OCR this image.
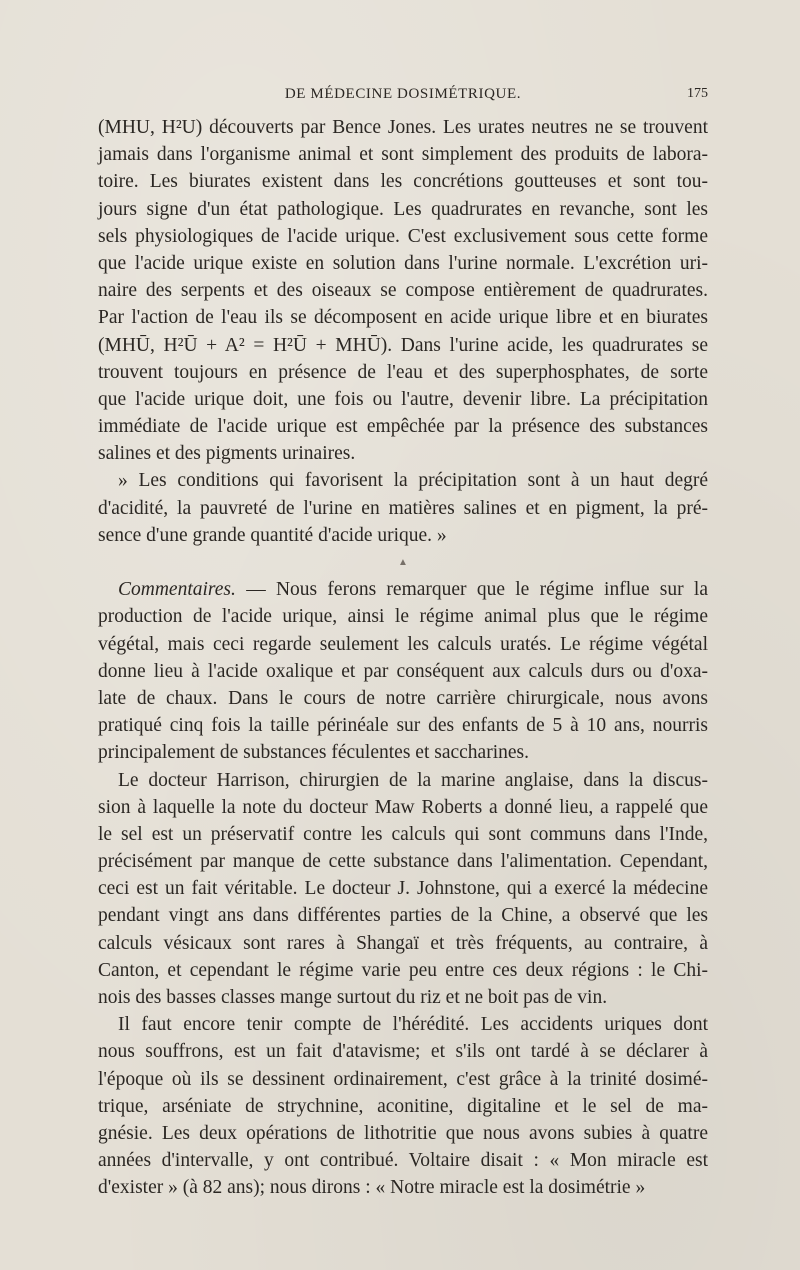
DE MÉDECINE DOSIMÉTRIQUE.	175
(MHU, H²U) découverts par Bence Jones. Les urates neutres ne se trouvent
jamais dans l'organisme animal et sont simplement des produits de labora-
toire. Les biurates existent dans les concrétions goutteuses et sont tou-
jours signe d'un état pathologique. Les quadrurates en revanche, sont les
sels physiologiques de l'acide urique. C'est exclusivement sous cette forme
que l'acide urique existe en solution dans l'urine normale. L'excrétion uri-
naire des serpents et des oiseaux se compose entièrement de quadrurates.
Par l'action de l'eau ils se décomposent en acide urique libre et en biurates
(MHŪ, H²Ū + A² = H²Ū + MHŪ). Dans l'urine acide, les quadrurates se
trouvent toujours en présence de l'eau et des superphosphates, de sorte
que l'acide urique doit, une fois ou l'autre, devenir libre. La précipitation
immédiate de l'acide urique est empêchée par la présence des substances
salines et des pigments urinaires.
» Les conditions qui favorisent la précipitation sont à un haut degré
d'acidité, la pauvreté de l'urine en matières salines et en pigment, la pré-
sence d'une grande quantité d'acide urique. »
▲
Commentaires. — Nous ferons remarquer que le régime influe sur la
production de l'acide urique, ainsi le régime animal plus que le régime
végétal, mais ceci regarde seulement les calculs uratés. Le régime végétal
donne lieu à l'acide oxalique et par conséquent aux calculs durs ou d'oxa-
late de chaux. Dans le cours de notre carrière chirurgicale, nous avons
pratiqué cinq fois la taille périnéale sur des enfants de 5 à 10 ans, nourris
principalement de substances féculentes et saccharines.
Le docteur Harrison, chirurgien de la marine anglaise, dans la discus-
sion à laquelle la note du docteur Maw Roberts a donné lieu, a rappelé que
le sel est un préservatif contre les calculs qui sont communs dans l'Inde,
précisément par manque de cette substance dans l'alimentation. Cependant,
ceci est un fait véritable. Le docteur J. Johnstone, qui a exercé la médecine
pendant vingt ans dans différentes parties de la Chine, a observé que les
calculs vésicaux sont rares à Shangaï et très fréquents, au contraire, à
Canton, et cependant le régime varie peu entre ces deux régions : le Chi-
nois des basses classes mange surtout du riz et ne boit pas de vin.
Il faut encore tenir compte de l'hérédité. Les accidents uriques dont
nous souffrons, est un fait d'atavisme; et s'ils ont tardé à se déclarer à
l'époque où ils se dessinent ordinairement, c'est grâce à la trinité dosimé-
trique, arséniate de strychnine, aconitine, digitaline et le sel de ma-
gnésie. Les deux opérations de lithotritie que nous avons subies à quatre
années d'intervalle, y ont contribué. Voltaire disait : « Mon miracle est
d'exister » (à 82 ans); nous dirons : « Notre miracle est la dosimétrie »
